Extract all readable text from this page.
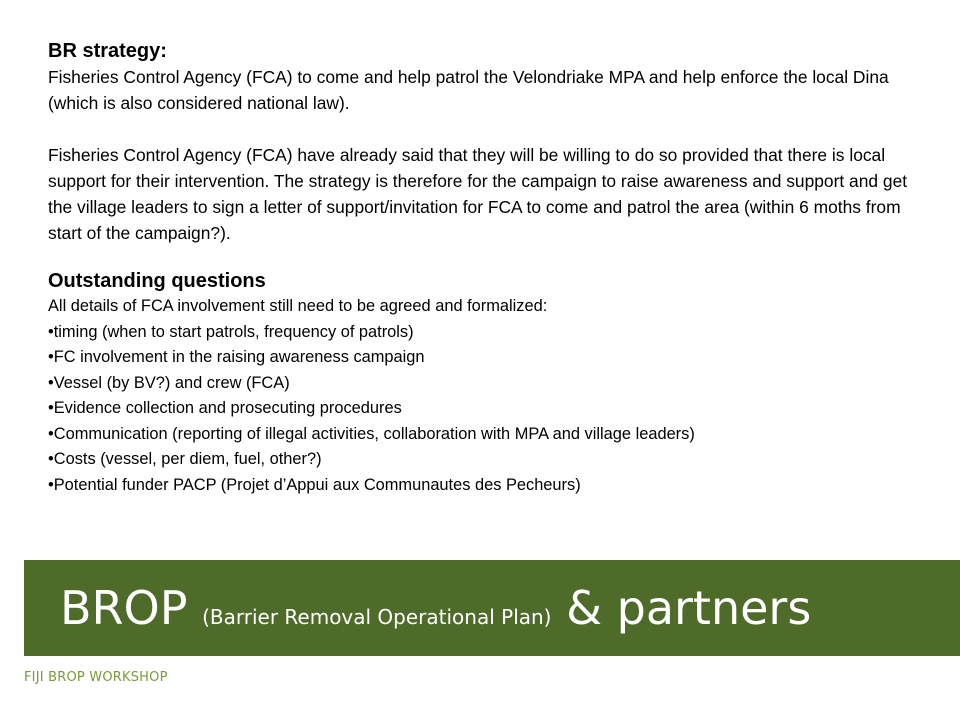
BR strategy:

Fisheries Control Agency (FCA) to come and help patrol the Velondriake MPA and help enforce the local Dina (which is also considered national law).

Fisheries Control Agency (FCA) have already said that they will be willing to do so provided that there is local support for their intervention. The strategy is therefore for the campaign to raise awareness and support and get the village leaders to sign a letter of support/invitation for FCA to come and patrol the area (within 6 moths from start of the campaign?).

Outstanding questions

All details of FCA involvement still need to be agreed and formalized:

•timing (when to start patrols, frequency of patrols)
•FC involvement in the raising awareness campaign
•Vessel (by BV?) and crew (FCA)
•Evidence collection and prosecuting procedures
•Communication (reporting of illegal activities, collaboration with MPA and village leaders)
•Costs (vessel, per diem, fuel, other?)
•Potential funder PACP (Projet d’Appui aux Communautes des Pecheurs)
BROP (Barrier Removal Operational Plan) & partners
FIJI BROP WORKSHOP
